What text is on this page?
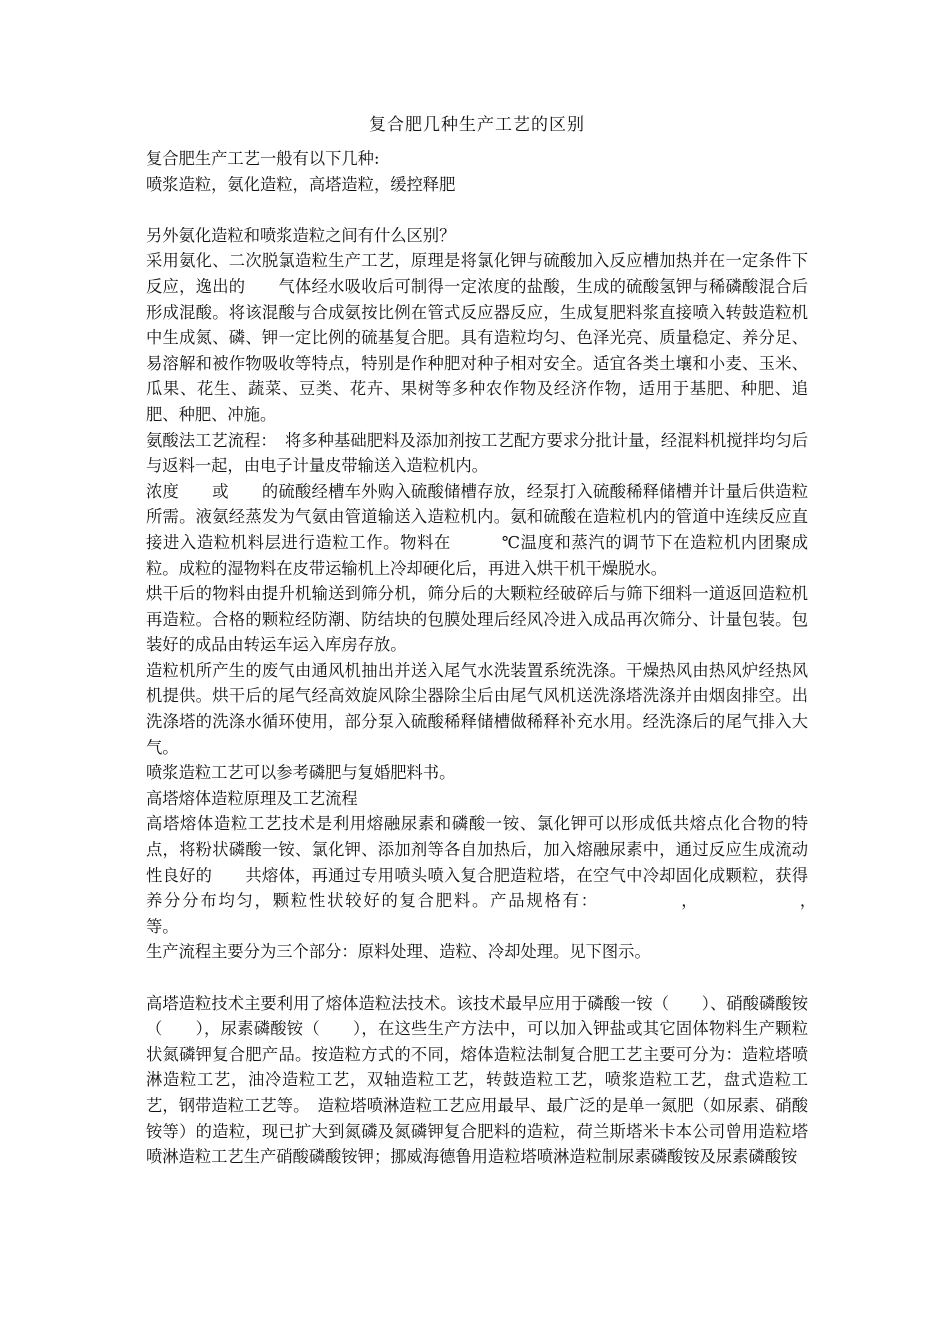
复合肥几种生产工艺的区别

复合肥生产工艺一般有以下几种:

喷浆造粒，氨化造粒，高塔造粒，缓控释肥

另外氨化造粒和喷浆造粒之间有什么区别？

采用氨化、二次脱氯造粒生产工艺，原理是将氯化钾与硫酸加入反应槽加热并在一定条件下反应，逸出的　　气体经水吸收后可制得一定浓度的盐酸，生成的硫酸氢钾与稀磷酸混合后形成混酸。将该混酸与合成氨按比例在管式反应器反应，生成复肥料浆直接喷入转鼓造粒机中生成氮、磷、钾一定比例的硫基复合肥。具有造粒均匀、色泽光亮、质量稳定、养分足、易溶解和被作物吸收等特点，特别是作种肥对种子相对安全。适宜各类土壤和小麦、玉米、瓜果、花生、蔬菜、豆类、花卉、果树等多种农作物及经济作物，适用于基肥、种肥、追肥、种肥、冲施。

氨酸法工艺流程：　将多种基础肥料及添加剂按工艺配方要求分批计量，经混料机搅拌均匀后与返料一起，由电子计量皮带输送入造粒机内。

浓度　　或　　的硫酸经槽车外购入硫酸储槽存放，经泵打入硫酸稀释储槽并计量后供造粒所需。液氨经蒸发为气氨由管道输送入造粒机内。氨和硫酸在造粒机内的管道中连续反应直接进入造粒机料层进行造粒工作。物料在　　　℃温度和蒸汽的调节下在造粒机内团聚成粒。成粒的湿物料在皮带运输机上冷却硬化后，再进入烘干机干燥脱水。

烘干后的物料由提升机输送到筛分机，筛分后的大颗粒经破碎后与筛下细料一道返回造粒机再造粒。合格的颗粒经防潮、防结块的包膜处理后经风冷进入成品再次筛分、计量包装。包装好的成品由转运车运入库房存放。

造粒机所产生的废气由通风机抽出并送入尾气水洗装置系统洗涤。干燥热风由热风炉经热风机提供。烘干后的尾气经高效旋风除尘器除尘后由尾气风机送洗涤塔洗涤并由烟囱排空。出洗涤塔的洗涤水循环使用，部分泵入硫酸稀释储槽做稀释补充水用。经洗涤后的尾气排入大气。

喷浆造粒工艺可以参考磷肥与复婚肥料书。

高塔熔体造粒原理及工艺流程

高塔熔体造粒工艺技术是利用熔融尿素和磷酸一铵、氯化钾可以形成低共熔点化合物的特点，将粉状磷酸一铵、氯化钾、添加剂等各自加热后，加入熔融尿素中，通过反应生成流动性良好的　　共熔体，再通过专用喷头喷入复合肥造粒塔，在空气中冷却固化成颗粒，获得养分分布均匀，颗粒性状较好的复合肥料。产品规格有：　　　　　，　　　　　　，　　　　　　　等。

生产流程主要分为三个部分：原料处理、造粒、冷却处理。见下图示。

高塔造粒技术主要利用了熔体造粒法技术。该技术最早应用于磷酸一铵（　　）、硝酸磷酸铵（　　），尿素磷酸铵（　　），在这些生产方法中，可以加入钾盐或其它固体物料生产颗粒状氮磷钾复合肥产品。按造粒方式的不同，熔体造粒法制复合肥工艺主要可分为：造粒塔喷淋造粒工艺，油冷造粒工艺，双轴造粒工艺，转鼓造粒工艺，喷浆造粒工艺，盘式造粒工艺，钢带造粒工艺等。　造粒塔喷淋造粒工艺应用最早、最广泛的是单一氮肥（如尿素、硝酸铵等）的造粒，现已扩大到氮磷及氮磷钾复合肥料的造粒，荷兰斯塔米卡本公司曾用造粒塔喷淋造粒工艺生产硝酸磷酸铵钾；挪威海德鲁用造粒塔喷淋造粒制尿素磷酸铵及尿素磷酸铵
